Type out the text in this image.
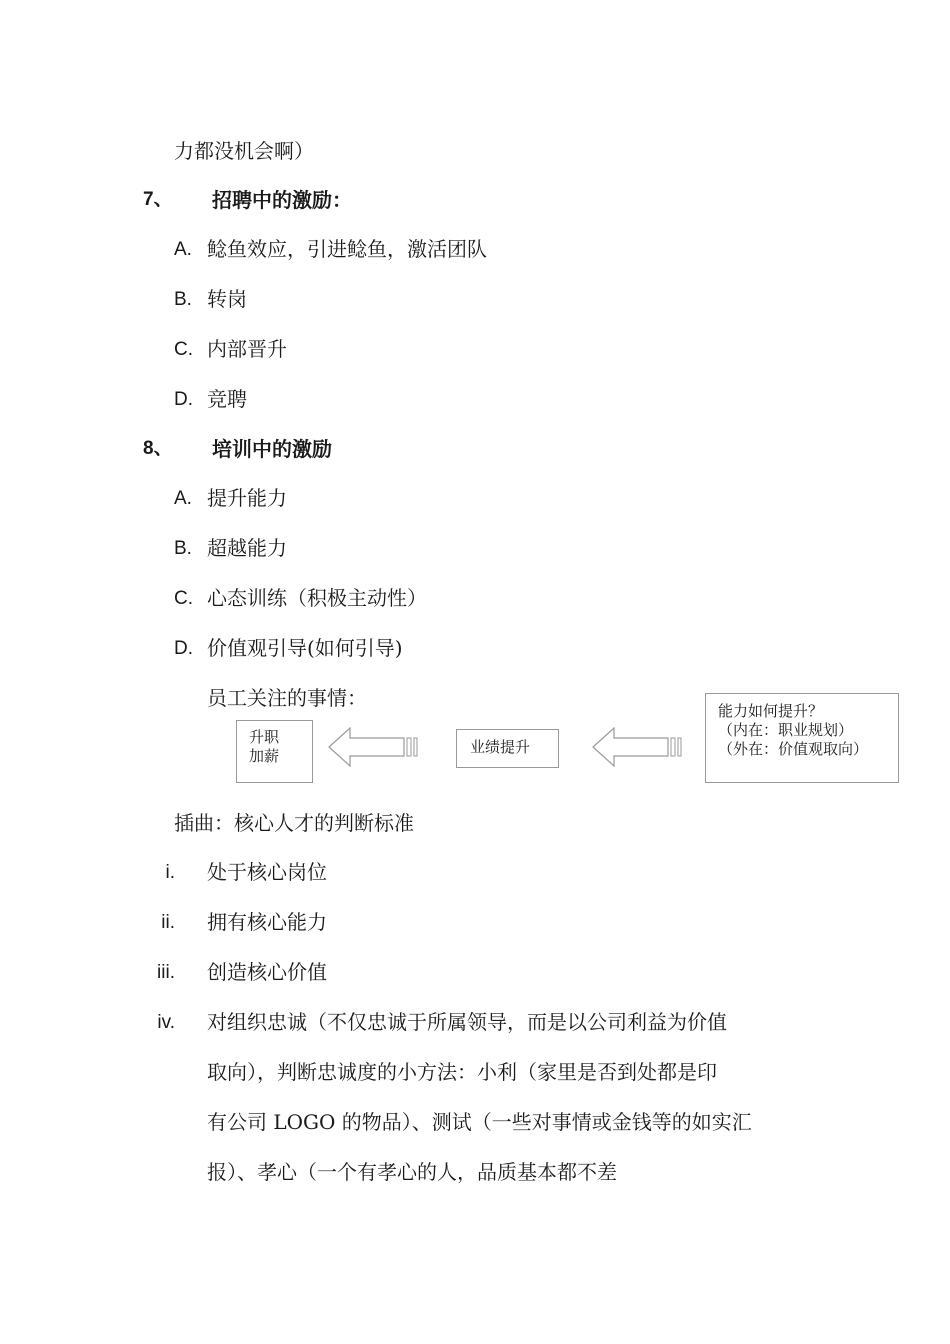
力都没机会啊）
7、 招聘中的激励：
A. 鲶鱼效应，引进鲶鱼，激活团队
B. 转岗
C. 内部晋升
D. 竞聘
8、 培训中的激励
A. 提升能力
B. 超越能力
C. 心态训练（积极主动性）
D. 价值观引导(如何引导)
员工关注的事情：
升职
加薪	业绩提升
能力如何提升？
（内在：职业规划）
（外在：价值观取向）
插曲：核心人才的判断标准
i. 处于核心岗位
ii. 拥有核心能力
iii. 创造核心价值
iv. 对组织忠诚（不仅忠诚于所属领导，而是以公司利益为价值
取向），判断忠诚度的小方法：小利（家里是否到处都是印
有公司 LOGO 的物品）、测试（一些对事情或金钱等的如实汇
报）、孝心（一个有孝心的人，品质基本都不差
